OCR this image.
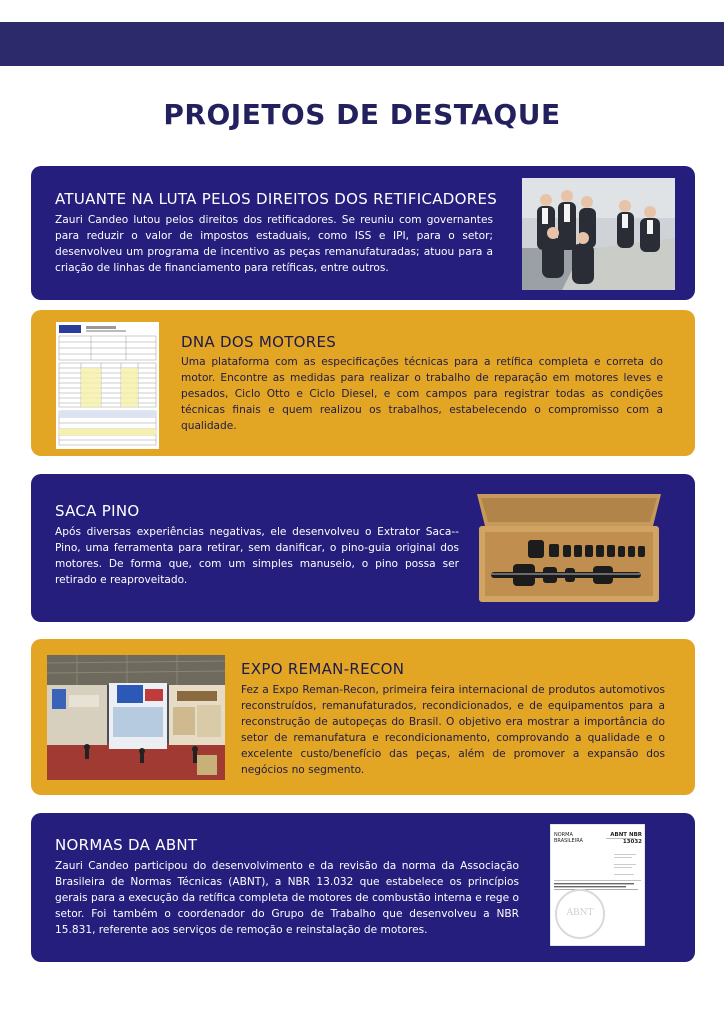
PROJETOS DE DESTAQUE
ATUANTE NA LUTA PELOS DIREITOS DOS RETIFICADORES

Zauri Candeo lutou pelos direitos dos retificadores. Se reuniu com governantes para reduzir o valor de impostos estaduais, como ISS e IPI, para o setor; desenvolveu um programa de incentivo as peças remanufaturadas; atuou para a criação de linhas de financiamento para retíficas, entre outros.

DNA DOS MOTORES

Uma plataforma com as especificações técnicas para a retífica completa e correta do motor. Encontre as medidas para realizar o trabalho de reparação em motores leves e pesados, Ciclo Otto e Ciclo Diesel, e com campos para registrar todas as condições técnicas finais e quem realizou os trabalhos, estabelecendo o compromisso com a qualidade.

SACA PINO

Após diversas experiências negativas, ele desenvolveu o Extrator Saca--Pino, uma ferramenta para retirar, sem danificar, o pino-guia original dos motores. De forma que, com um simples manuseio, o pino possa ser retirado e reaproveitado.

EXPO REMAN-RECON

Fez a Expo Reman-Recon, primeira feira internacional de produtos automotivos reconstruídos, remanufaturados, recondicionados, e de equipamentos para a reconstrução de autopeças do Brasil. O objetivo era mostrar a importância do setor de remanufatura e recondicionamento, comprovando a qualidade e o excelente custo/benefício das peças, além de promover a expansão dos negócios no segmento.

NORMAS DA ABNT

Zauri Candeo participou do desenvolvimento e da revisão da norma da Associação Brasileira de Normas Técnicas (ABNT), a NBR 13.032 que estabelece os princípios gerais para a execução da retífica completa de motores de combustão interna e rege o setor. Foi também o coordenador do Grupo de Trabalho que desenvolveu a NBR 15.831, referente aos serviços de remoção e reinstalação de motores.

NORMA BRASILEIRA
ABNT NBR 13032
ABNT
